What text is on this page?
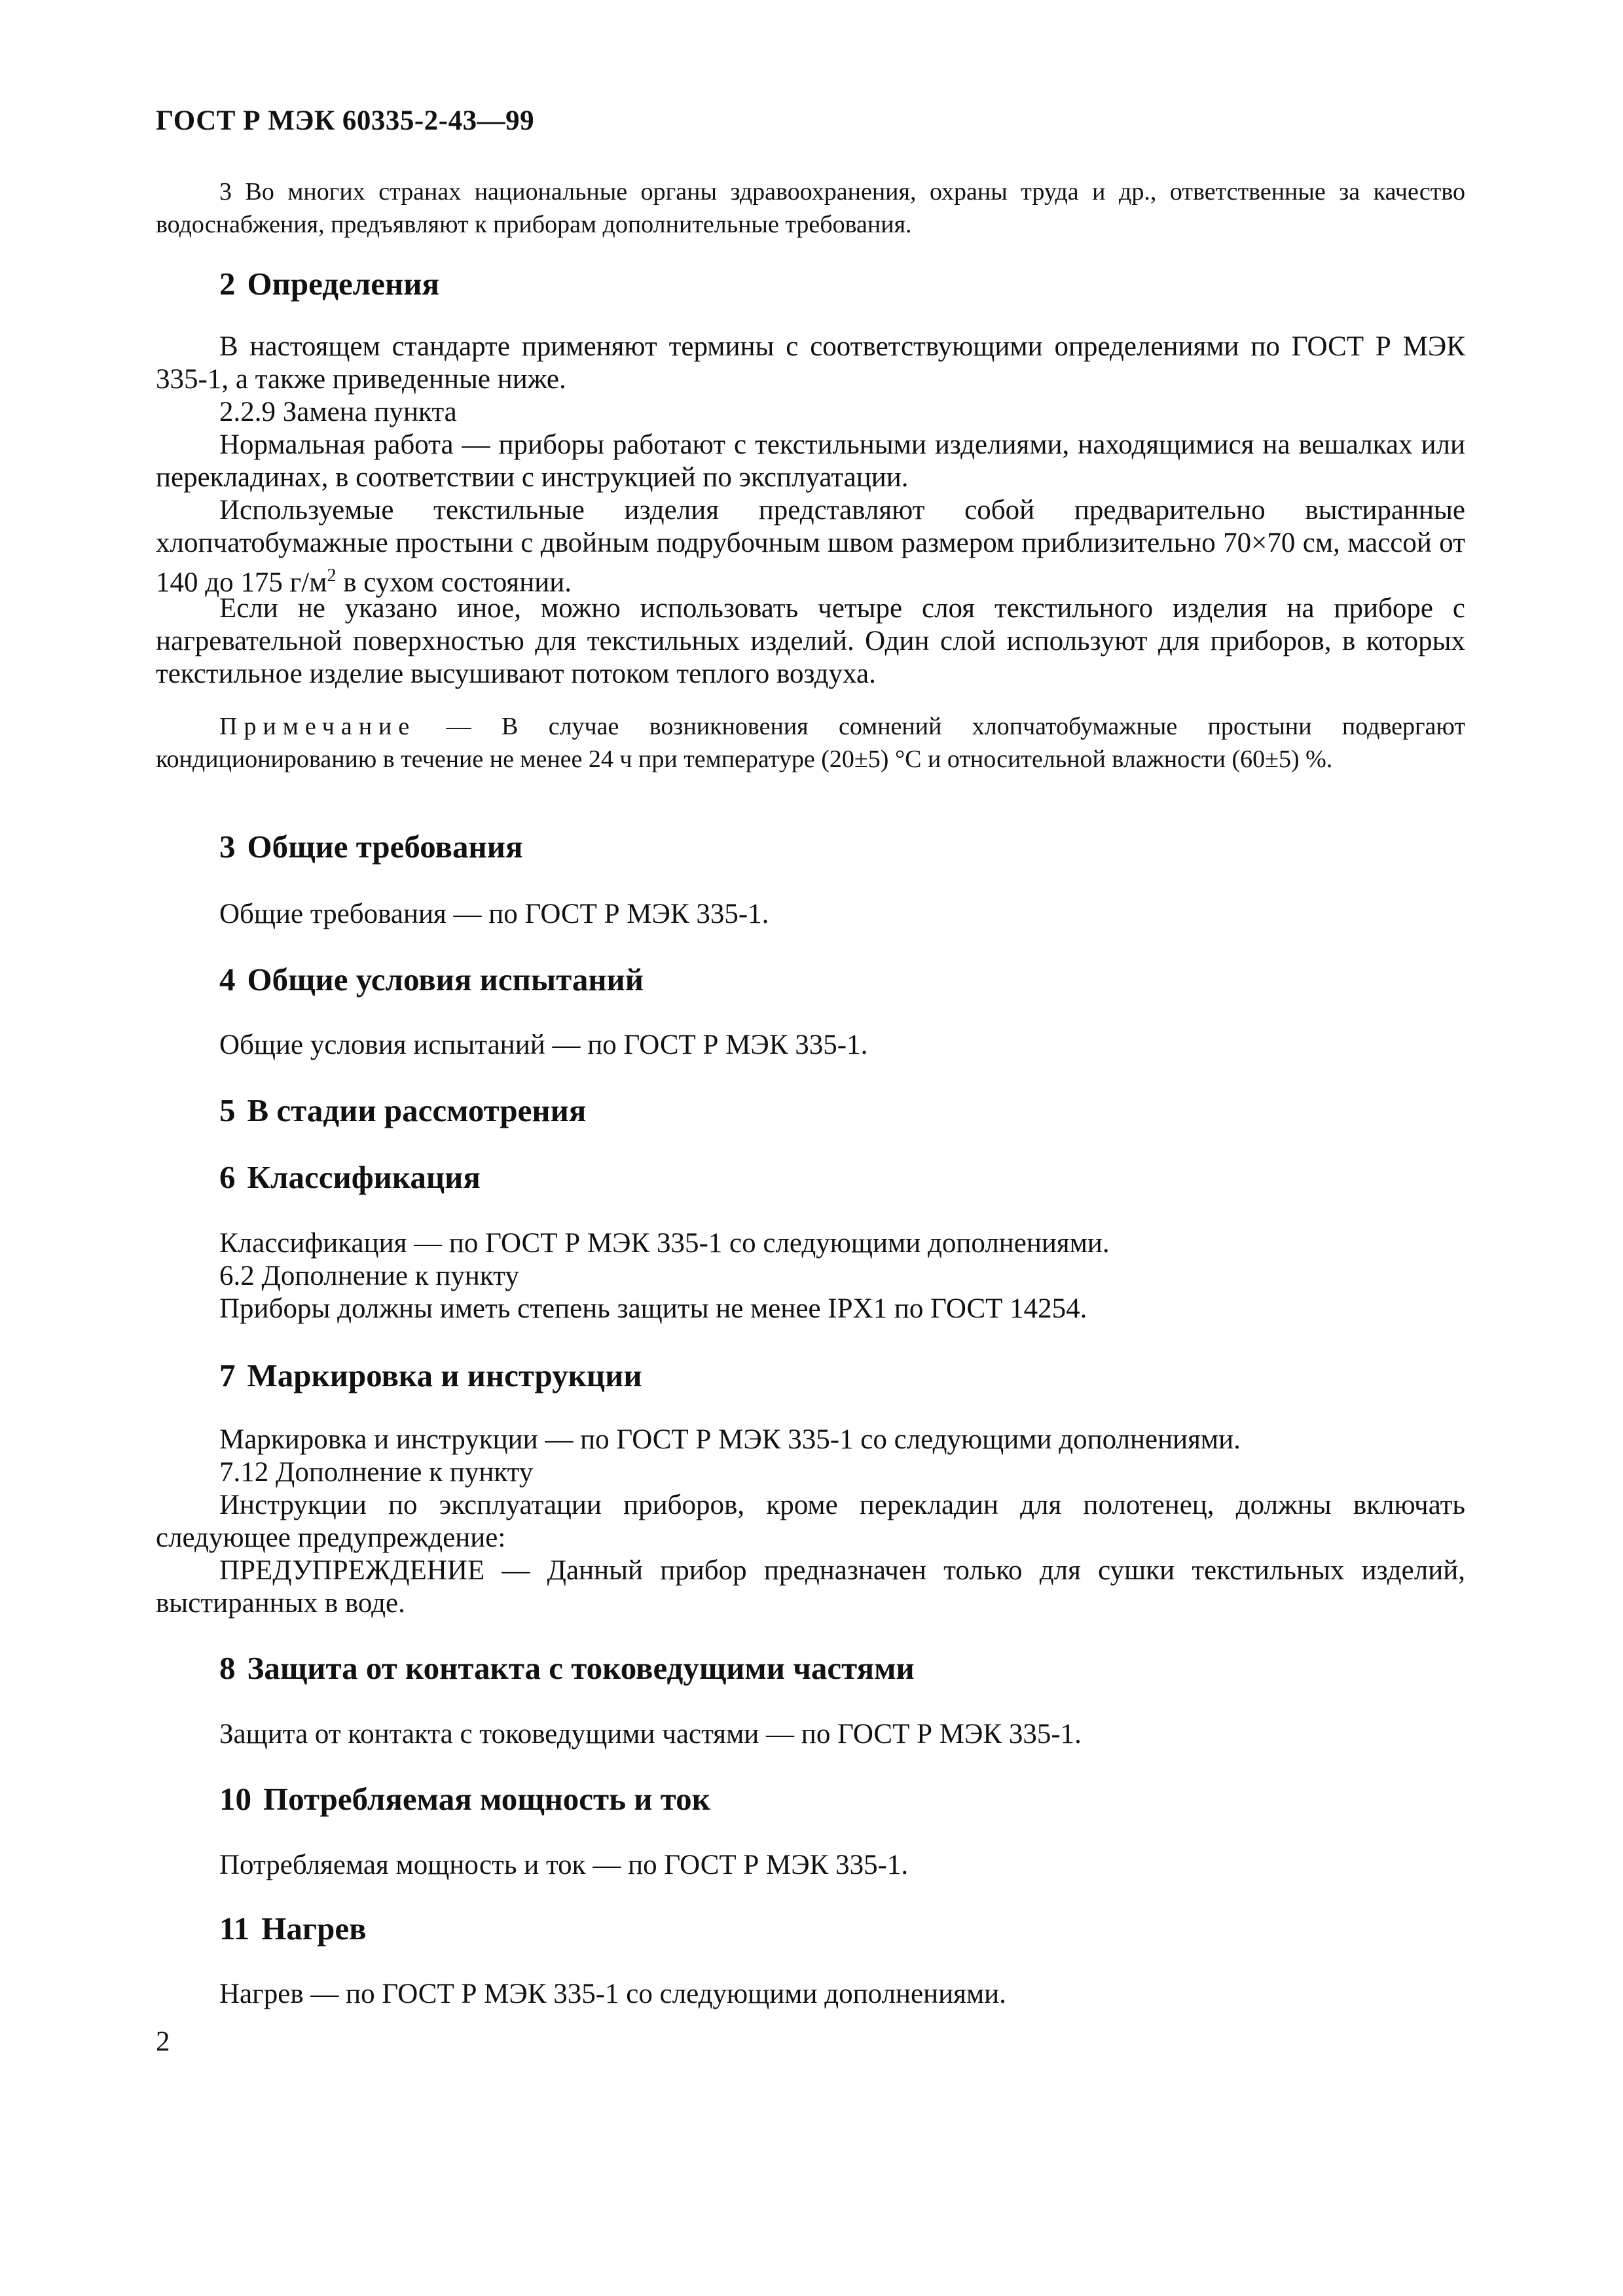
ГОСТ Р МЭК 60335-2-43—99

3 Во многих странах национальные органы здравоохранения, охраны труда и др., ответственные за качество водоснабжения, предъявляют к приборам дополнительные требования.

2 Определения

В настоящем стандарте применяют термины с соответствующими определениями по ГОСТ Р МЭК 335-1, а также приведенные ниже.

2.2.9 Замена пункта

Нормальная работа — приборы работают с текстильными изделиями, находящимися на вешалках или перекладинах, в соответствии с инструкцией по эксплуатации.

Используемые текстильные изделия представляют собой предварительно выстиранные хлопчатобумажные простыни с двойным подрубочным швом размером приблизительно 70×70 см, массой от 140 до 175 $г/м^2$ в сухом состоянии.

Если не указано иное, можно использовать четыре слоя текстильного изделия на приборе с нагревательной поверхностью для текстильных изделий. Один слой используют для приборов, в которых текстильное изделие высушивают потоком теплого воздуха.

Примечание — В случае возникновения сомнений хлопчатобумажные простыни подвергают кондиционированию в течение не менее 24 ч при температуре (20±5) °С и относительной влажности (60±5) %.

3 Общие требования

Общие требования — по ГОСТ Р МЭК 335-1.

4 Общие условия испытаний

Общие условия испытаний — по ГОСТ Р МЭК 335-1.

5 В стадии рассмотрения
6 Классификация

Классификация — по ГОСТ Р МЭК 335-1 со следующими дополнениями.

6.2 Дополнение к пункту

Приборы должны иметь степень защиты не менее IPX1 по ГОСТ 14254.

7 Маркировка и инструкции

Маркировка и инструкции — по ГОСТ Р МЭК 335-1 со следующими дополнениями.

7.12 Дополнение к пункту

Инструкции по эксплуатации приборов, кроме перекладин для полотенец, должны включать следующее предупреждение:

ПРЕДУПРЕЖДЕНИЕ — Данный прибор предназначен только для сушки текстильных изделий, выстиранных в воде.

8 Защита от контакта с токоведущими частями

Защита от контакта с токоведущими частями — по ГОСТ Р МЭК 335-1.

10 Потребляемая мощность и ток

Потребляемая мощность и ток — по ГОСТ Р МЭК 335-1.

11 Нагрев

Нагрев — по ГОСТ Р МЭК 335-1 со следующими дополнениями.

2
